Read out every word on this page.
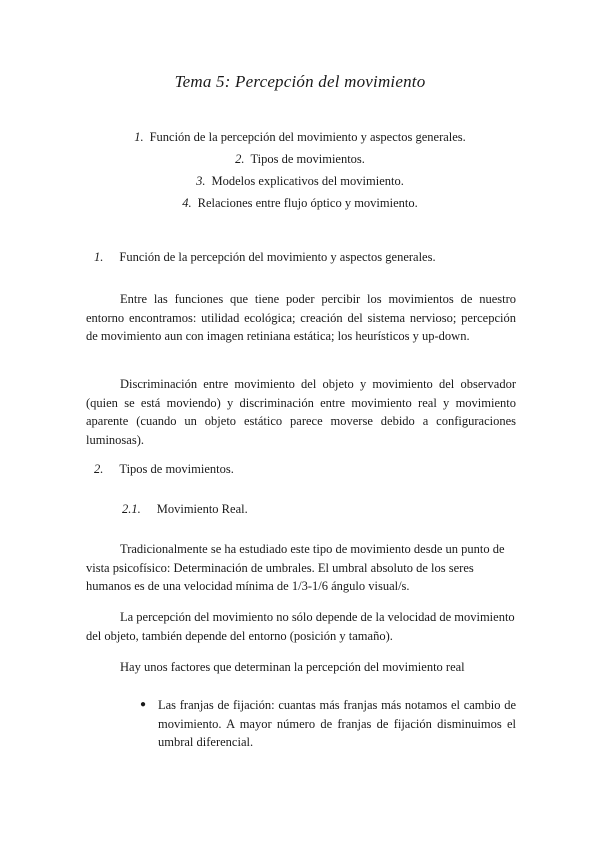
Tema 5: Percepción del movimiento
1. Función de la percepción del movimiento y aspectos generales.
2. Tipos de movimientos.
3. Modelos explicativos del movimiento.
4. Relaciones entre flujo óptico y movimiento.
1. Función de la percepción del movimiento y aspectos generales.

Entre las funciones que tiene poder percibir los movimientos de nuestro entorno encontramos: utilidad ecológica; creación del sistema nervioso; percepción de movimiento aun con imagen retiniana estática; los heurísticos y up-down.

Discriminación entre movimiento del objeto y movimiento del observador (quien se está moviendo) y discriminación entre movimiento real y movimiento aparente (cuando un objeto estático parece moverse debido a configuraciones luminosas).

2. Tipos de movimientos.
2.1. Movimiento Real.

Tradicionalmente se ha estudiado este tipo de movimiento desde un punto de vista psicofísico: Determinación de umbrales. El umbral absoluto de los seres humanos es de una velocidad mínima de 1/3-1/6 ángulo visual/s.

La percepción del movimiento no sólo depende de la velocidad de movimiento del objeto, también depende del entorno (posición y tamaño).

Hay unos factores que determinan la percepción del movimiento real

● Las franjas de fijación: cuantas más franjas más notamos el cambio de movimiento. A mayor número de franjas de fijación disminuimos el umbral diferencial.
